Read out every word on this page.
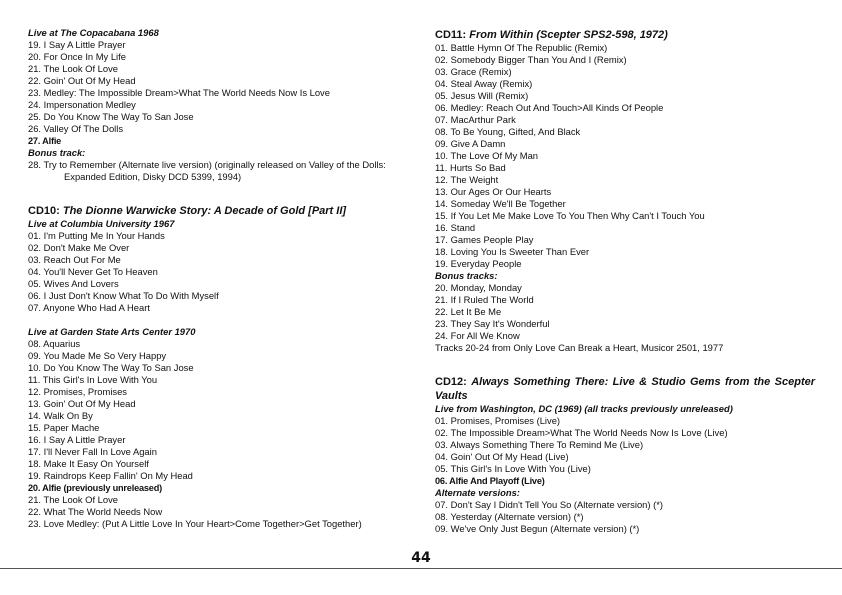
Live at The Copacabana 1968
19. I Say A Little Prayer
20. For Once In My Life
21. The Look Of Love
22. Goin' Out Of My Head
23. Medley: The Impossible Dream>What The World Needs Now Is Love
24. Impersonation Medley
25. Do You Know The Way To San Jose
26. Valley Of The Dolls
27. Alfie
Bonus track:
28. Try to Remember (Alternate live version) (originally released on Valley of the Dolls: Expanded Edition, Disky DCD 5399, 1994)
CD10: The Dionne Warwicke Story: A Decade of Gold [Part II]
Live at Columbia University 1967
01. I'm Putting Me In Your Hands
02. Don't Make Me Over
03. Reach Out For Me
04. You'll Never Get To Heaven
05. Wives And Lovers
06. I Just Don't Know What To Do With Myself
07. Anyone Who Had A Heart
Live at Garden State Arts Center 1970
08. Aquarius
09. You Made Me So Very Happy
10. Do You Know The Way To San Jose
11. This Girl's In Love With You
12. Promises, Promises
13. Goin' Out Of My Head
14. Walk On By
15. Paper Mache
16. I Say A Little Prayer
17. I'll Never Fall In Love Again
18. Make It Easy On Yourself
19. Raindrops Keep Fallin' On My Head
20. Alfie (previously unreleased)
21. The Look Of Love
22. What The World Needs Now
23. Love Medley: (Put A Little Love In Your Heart>Come Together>Get Together)
CD11: From Within (Scepter SPS2-598, 1972)
01. Battle Hymn Of The Republic (Remix)
02. Somebody Bigger Than You And I (Remix)
03. Grace (Remix)
04. Steal Away (Remix)
05. Jesus Will (Remix)
06. Medley: Reach Out And Touch>All Kinds Of People
07. MacArthur Park
08. To Be Young, Gifted, And Black
09. Give A Damn
10. The Love Of My Man
11. Hurts So Bad
12. The Weight
13. Our Ages Or Our Hearts
14. Someday We'll Be Together
15. If You Let Me Make Love To You Then Why Can't I Touch You
16. Stand
17. Games People Play
18. Loving You Is Sweeter Than Ever
19. Everyday People
Bonus tracks:
20. Monday, Monday
21. If I Ruled The World
22. Let It Be Me
23. They Say It's Wonderful
24. For All We Know
Tracks 20-24 from Only Love Can Break a Heart, Musicor 2501, 1977
CD12: Always Something There: Live & Studio Gems from the Scepter Vaults
Live from Washington, DC (1969) (all tracks previously unreleased)
01. Promises, Promises (Live)
02. The Impossible Dream>What The World Needs Now Is Love (Live)
03. Always Something There To Remind Me (Live)
04. Goin' Out Of My Head (Live)
05. This Girl's In Love With You (Live)
06. Alfie And Playoff (Live)
Alternate versions:
07. Don't Say I Didn't Tell You So (Alternate version) (*)
08. Yesterday (Alternate version) (*)
09. We've Only Just Begun (Alternate version) (*)
44
